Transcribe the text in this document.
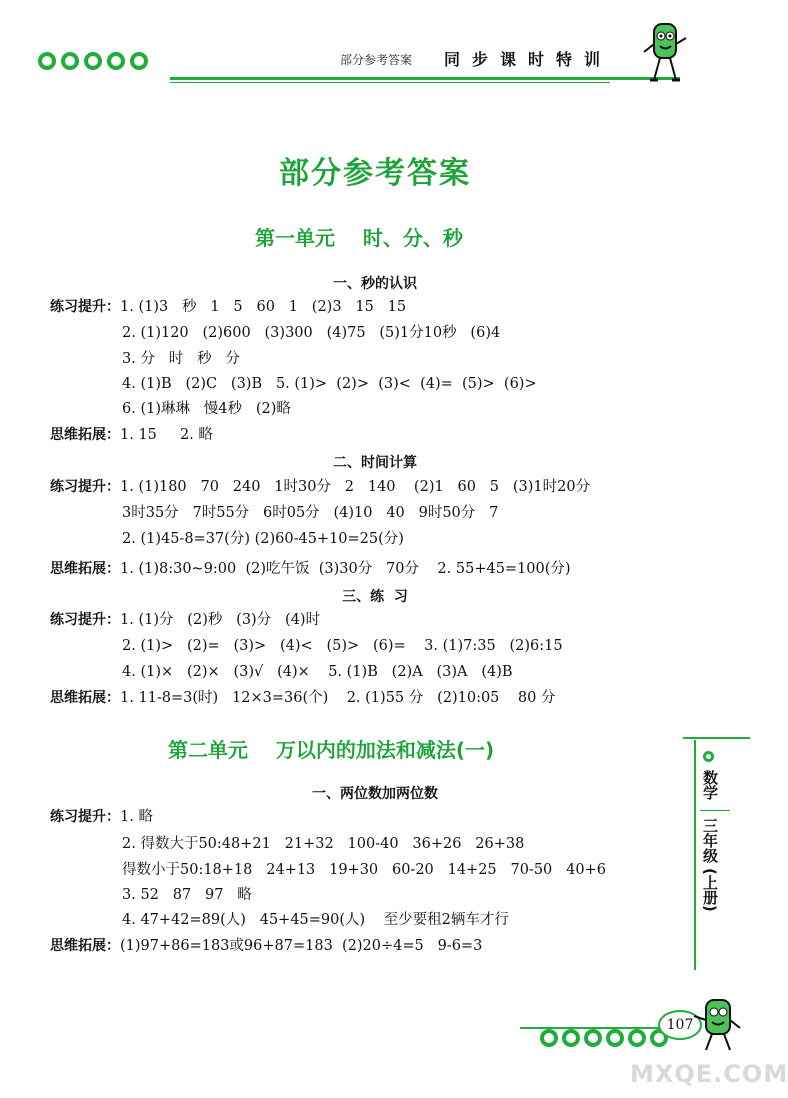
部分参考答案 同步课时特训
部分参考答案
第一单元    时、分、秒
一、秒的认识
练习提升：1. (1)3   秒   1   5   60   1   (2)3   15   15
2. (1)120   (2)600   (3)300   (4)75   (5)1分10秒   (6)4
3. 分   时   秒   分
4. (1)B   (2)C   (3)B   5. (1)>  (2)>  (3)<  (4)=  (5)>  (6)>
6. (1)琳琳   慢4秒   (2)略
思维拓展：1. 15     2. 略
二、时间计算
练习提升：1. (1)180   70   240   1时30分   2   140    (2)1   60   5   (3)1时20分
3时35分   7时55分   6时05分   (4)10   40   9时50分   7
2. (1)45-8=37(分) (2)60-45+10=25(分)
思维拓展：1. (1)8:30~9:00  (2)吃午饭  (3)30分   70分    2. 55+45=100(分)
三、练  习
练习提升：1. (1)分   (2)秒   (3)分   (4)时
2. (1)>   (2)=   (3)>   (4)<   (5)>   (6)=    3. (1)7:35   (2)6:15
4. (1)×   (2)×   (3)√   (4)×    5. (1)B   (2)A   (3)A   (4)B
思维拓展：1. 11-8=3(时)   12×3=36(个)    2. (1)55 分   (2)10:05    80 分
第二单元    万以内的加法和减法(一)
一、两位数加两位数
练习提升：1. 略
2. 得数大于50:48+21   21+32   100-40   36+26   26+38
得数小于50:18+18   24+13   19+30   60-20   14+25   70-50   40+6
3. 52   87   97   略
4. 47+42=89(人)   45+45=90(人)    至少要租2辆车才行
思维拓展：(1)97+86=183或96+87=183  (2)20÷4=5   9-6=3
数学
三年级
(上册)
107
MXQE.COM
